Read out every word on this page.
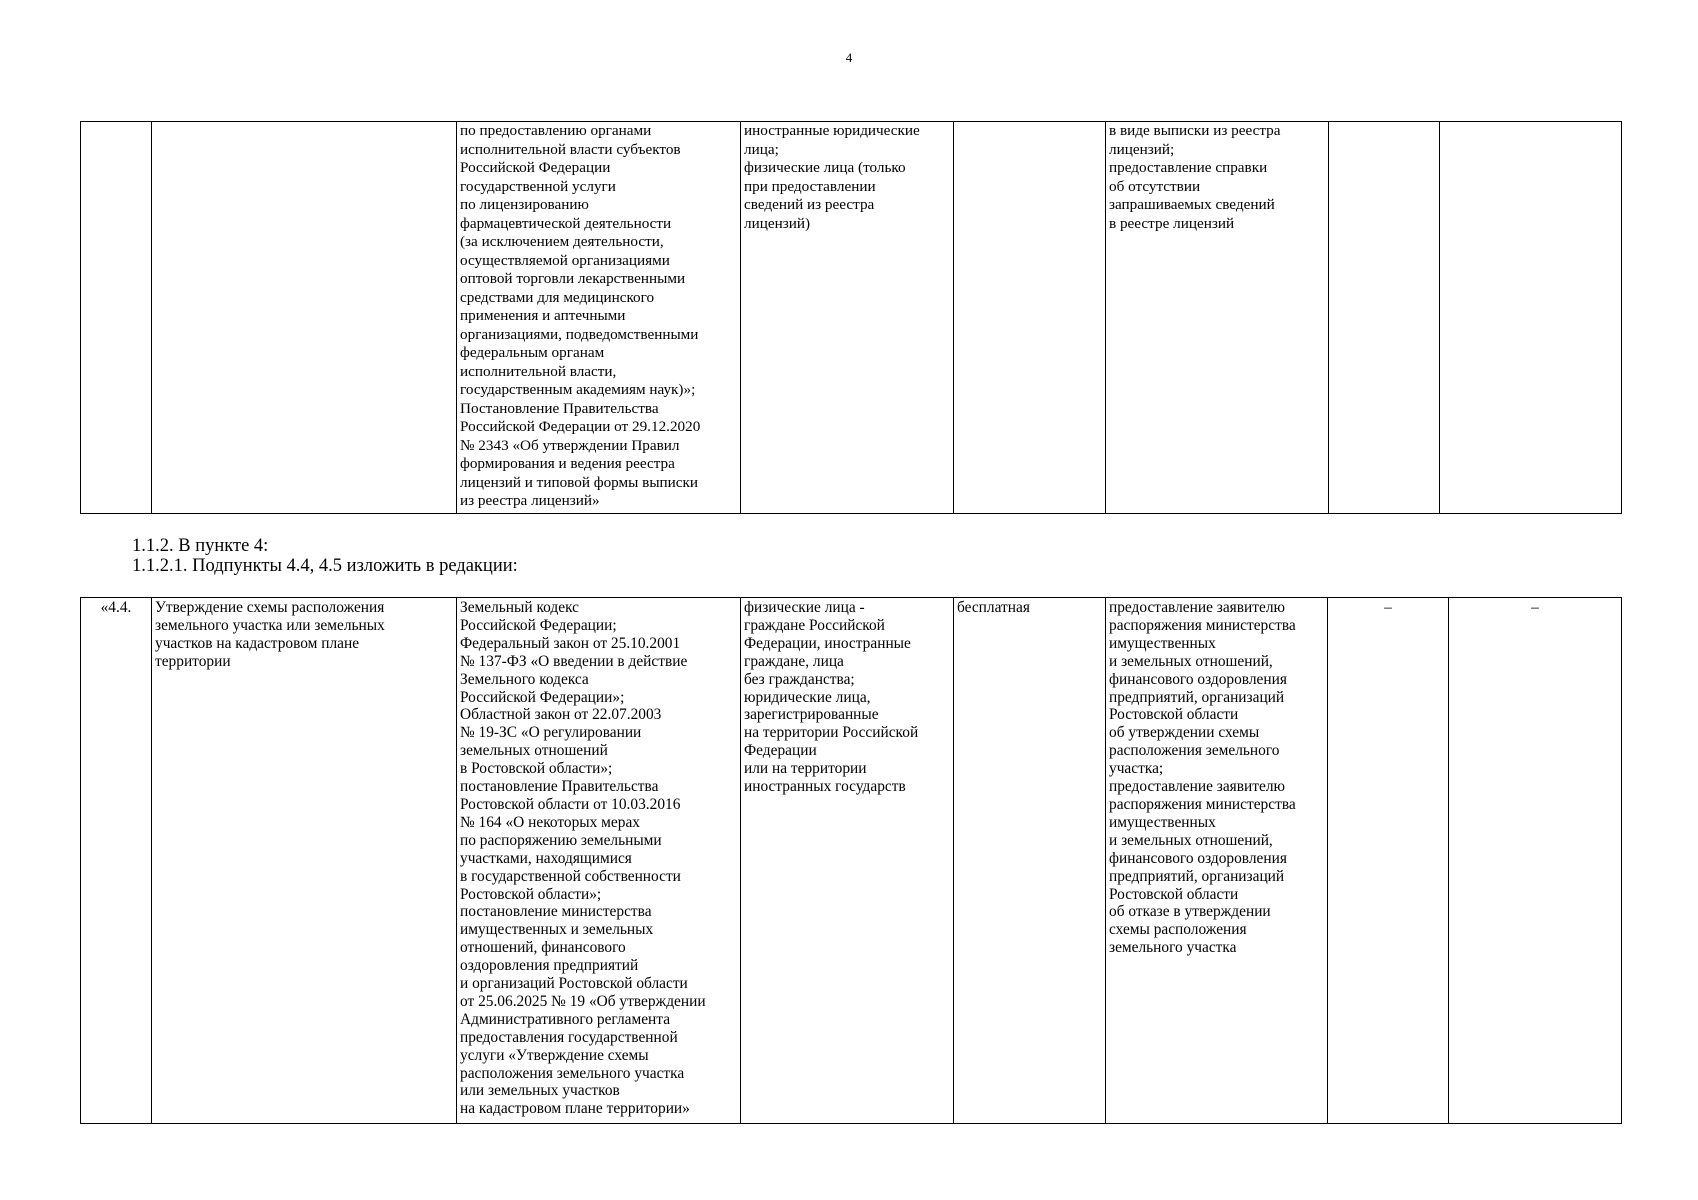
4
		по предоставлению органами
исполнительной власти субъектов
Российской Федерации
государственной услуги
по лицензированию
фармацевтической деятельности
(за исключением деятельности,
осуществляемой организациями
оптовой торговли лекарственными
средствами для медицинского
применения и аптечными
организациями, подведомственными
федеральным органам
исполнительной власти,
государственным академиям наук)»;
Постановление Правительства
Российской Федерации от 29.12.2020
№ 2343 «Об утверждении Правил
формирования и ведения реестра
лицензий и типовой формы выписки
из реестра лицензий»	иностранные юридические
лица;
физические лица (только
при предоставлении
сведений из реестра
лицензий)		в виде выписки из реестра
лицензий;
предоставление справки
об отсутствии
запрашиваемых сведений
в реестре лицензий		
1.1.2. В пункте 4:
1.1.2.1. Подпункты 4.4, 4.5 изложить в редакции:
«4.4.	Утверждение схемы расположения
земельного участка или земельных
участков на кадастровом плане
территории	Земельный кодекс
Российской Федерации;
Федеральный закон от 25.10.2001
№ 137-ФЗ «О введении в действие
Земельного кодекса
Российской Федерации»;
Областной закон от 22.07.2003
№ 19-ЗС «О регулировании
земельных отношений
в Ростовской области»;
постановление Правительства
Ростовской области от 10.03.2016
№ 164 «О некоторых мерах
по распоряжению земельными
участками, находящимися
в государственной собственности
Ростовской области»;
постановление министерства
имущественных и земельных
отношений, финансового
оздоровления предприятий
и организаций Ростовской области
от 25.06.2025 № 19 «Об утверждении
Административного регламента
предоставления государственной
услуги «Утверждение схемы
расположения земельного участка
или земельных участков
на кадастровом плане территории»	физические лица -
граждане Российской
Федерации, иностранные
граждане, лица
без гражданства;
юридические лица,
зарегистрированные
на территории Российской
Федерации
или на территории
иностранных государств	бесплатная	предоставление заявителю
распоряжения министерства
имущественных
и земельных отношений,
финансового оздоровления
предприятий, организаций
Ростовской области
об утверждении схемы
расположения земельного
участка;
предоставление заявителю
распоряжения министерства
имущественных
и земельных отношений,
финансового оздоровления
предприятий, организаций
Ростовской области
об отказе в утверждении
схемы расположения
земельного участка	–	–
